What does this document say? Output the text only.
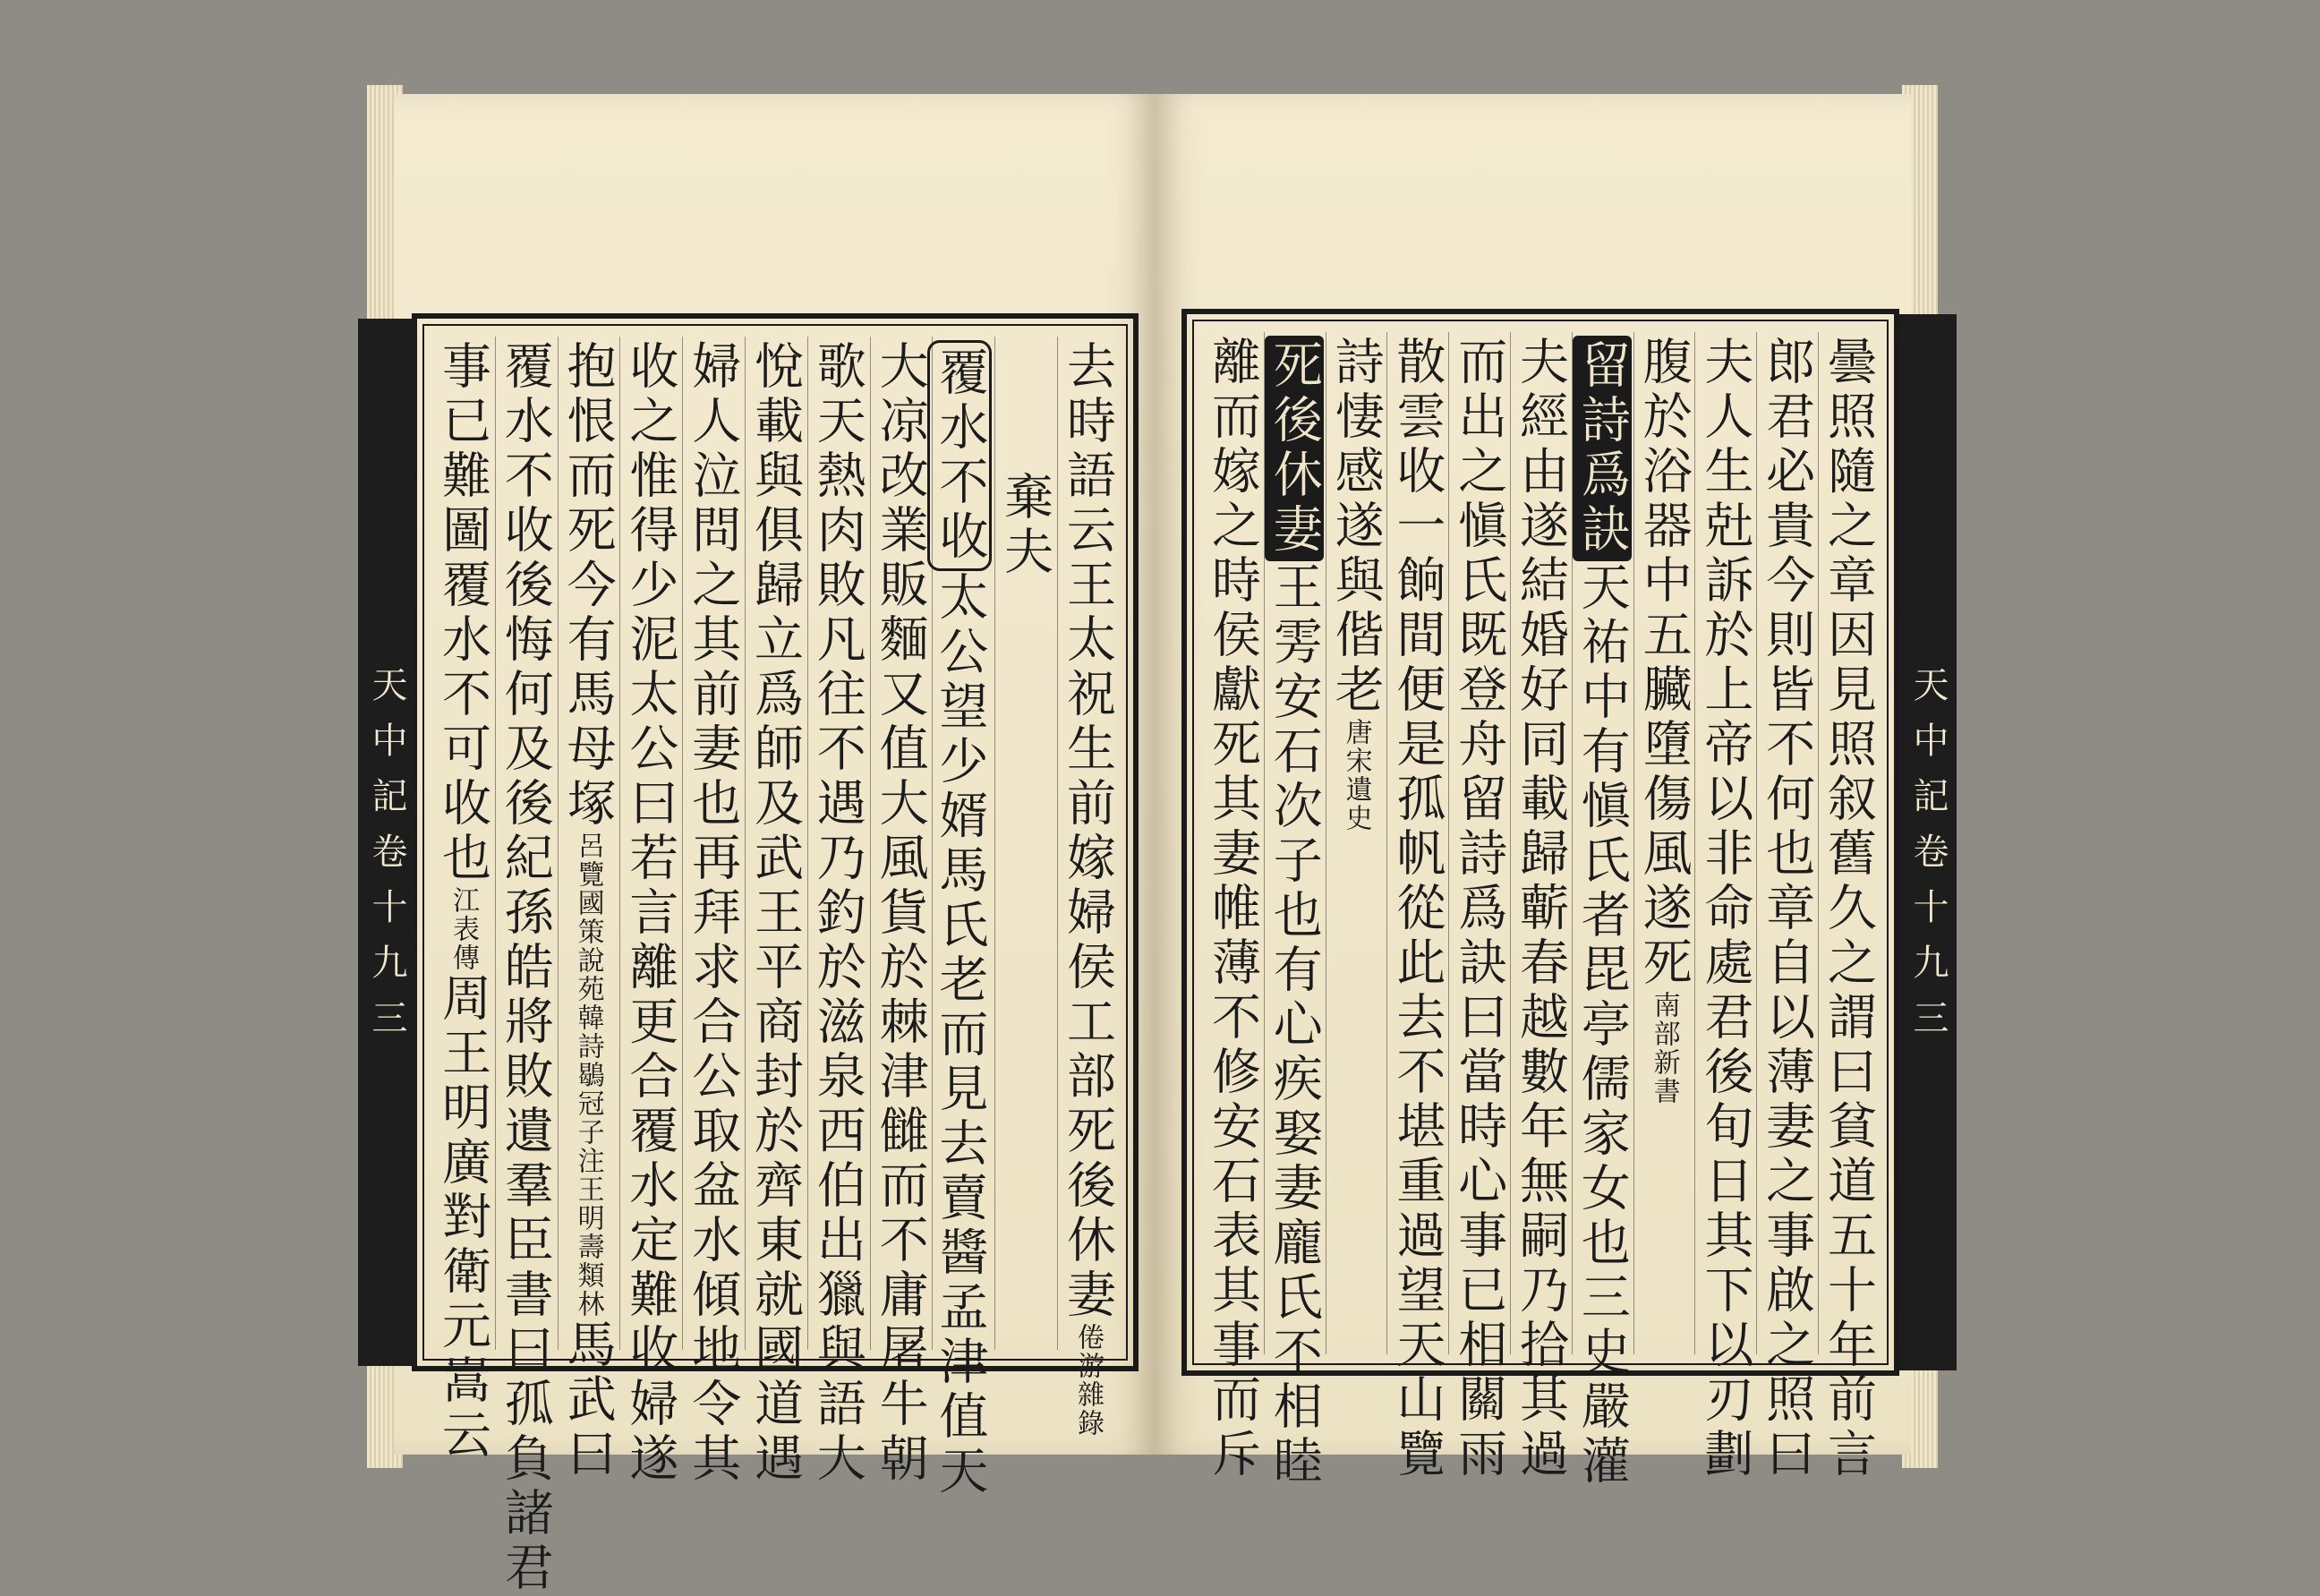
天中記卷十九三	去時語云王太祝生前嫁婦侯工部死後休妻倦游雜錄
棄夫
覆水不收太公望少婿馬氏老而見去賣醬孟津值天
大凉改業販麵又值大風貨於棘津雠而不庸屠牛朝
歌天熱肉敗凡往不遇乃釣於滋泉西伯出獵與語大
悅載與俱歸立爲師及武王平商封於齊東就國道遇
婦人泣問之其前妻也再拜求合公取盆水傾地令其
收之惟得少泥太公曰若言離更合覆水定難收婦遂
抱恨而死今有馬母塚呂覽國策說苑韓詩鶡冠子注王明壽類林馬武曰
覆水不收後悔何及後紀孫皓將敗遺羣臣書曰孤負諸君
事已難圖覆水不可收也江表傳周王明廣對衛元嵩云
天中記卷十九三
曇照隨之章因見照叙舊久之謂曰貧道五十年前言
郎君必貴今則皆不何也章自以薄妻之事啟之照曰
夫人生兙訴於上帝以非命處君後旬日其下以刃劃
腹於浴器中五臟墮傷風遂死南部新書
留詩爲訣天祐中有愼氏者毘亭儒家女也三史嚴灌
夫經由遂結婚好同載歸蘄春越數年無嗣乃拾其過
而出之愼氏既登舟留詩爲訣曰當時心事已相關雨
散雲收一餉間便是孤帆從此去不堪重過望天山覽
詩悽感遂與偕老唐宋遺史
死後休妻王雱安石次子也有心疾娶妻龐氏不相睦
離而嫁之時侯獻死其妻帷薄不修安石表其事而斥
